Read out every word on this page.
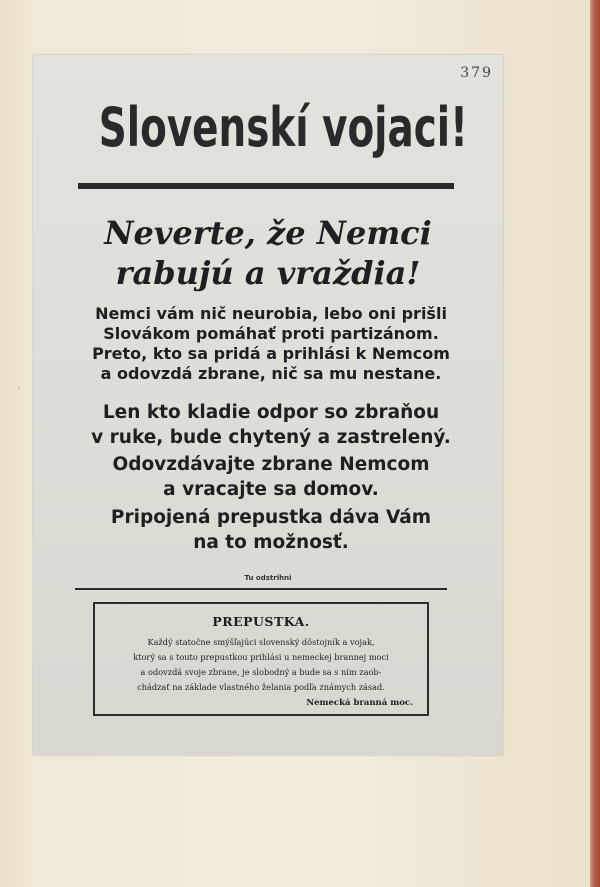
'
379
Slovenskí vojaci!
Neverte, že Nemci
rabujú a vraždia!
Nemci vám nič neurobia, lebo oni prišli
Slovákom pomáhať proti partizánom.
Preto, kto sa pridá a prihlási k Nemcom
a odovzdá zbrane, nič sa mu nestane.
Len kto kladie odpor so zbraňou
v ruke, bude chytený a zastrelený.
Odovzdávajte zbrane Nemcom
a vracajte sa domov.
Pripojená prepustka dáva Vám
na to možnosť.
Tu odstrihni
PREPUSTKA.
Každý statočne smýšľajúci slovenský dôstojník a vojak,
ktorý sa s touto prepustkou prihlási u nemeckej brannej moci
a odovzdá svoje zbrane, je slobodný a bude sa s ním zaob-
chádzať na základe vlastného želania podľa známych zásad.
Nemecká branná moc.
